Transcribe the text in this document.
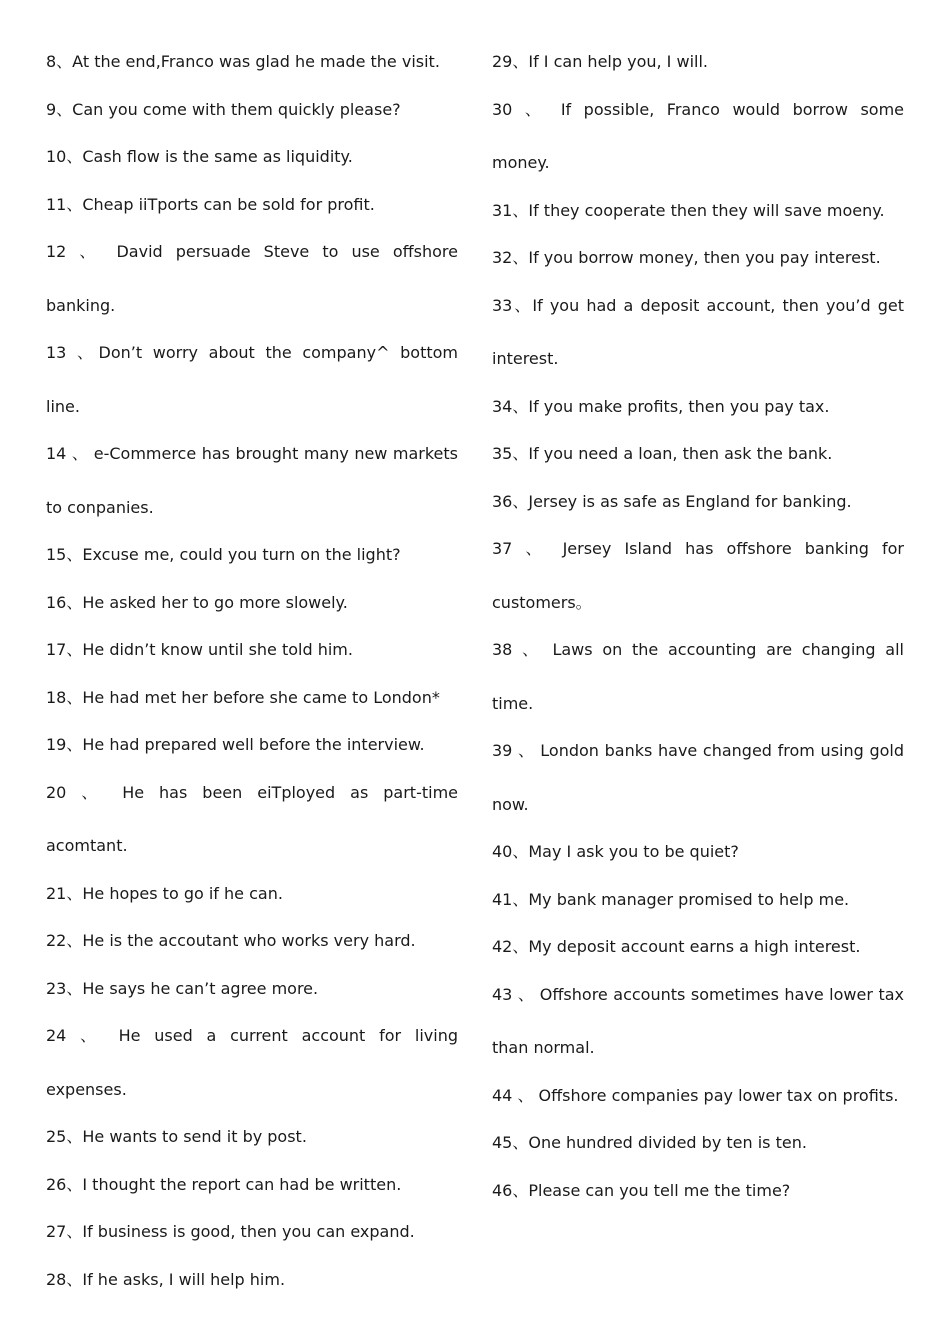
8、At the end,Franco was glad he made the visit.

9、Can you come with them quickly please?

10、Cash flow is the same as liquidity.

11、Cheap iiTports can be sold for profit.

12 、 David persuade Steve to use offshore banking.

13 、Don’t worry about the company^ bottom line.

14 、 e-Commerce has brought many new markets to conpanies.

15、Excuse me, could you turn on the light?

16、He asked her to go more slowely.

17、He didn’t know until she told him.

18、He had met her before she came to London*

19、He had prepared well before the interview.

20 、 He has been eiTployed as part-time acomtant.

21、He hopes to go if he can.

22、He is the accoutant who works very hard.

23、He says he can’t agree more.

24 、 He used a current account for living expenses.

25、He wants to send it by post.

26、I thought the report can had be written.

27、If business is good, then you can expand.

28、If he asks, I will help him.

29、If I can help you, I will.

30 、 If possible, Franco would borrow some money.

31、If they cooperate then they will save moeny.

32、If you borrow money, then you pay interest.

33、If you had a deposit account, then you’d get interest.

34、If you make profits, then you pay tax.

35、If you need a loan, then ask the bank.

36、Jersey is as safe as England for banking.

37 、 Jersey Island has offshore banking for customers。

38 、 Laws on the accounting are changing all time.

39 、 London banks have changed from using gold now.

40、May I ask you to be quiet?

41、My bank manager promised to help me.

42、My deposit account earns a high interest.

43 、 Offshore accounts sometimes have lower tax than normal.

44 、 Offshore companies pay lower tax on profits.

45、One hundred divided by ten is ten.

46、Please can you tell me the time?
